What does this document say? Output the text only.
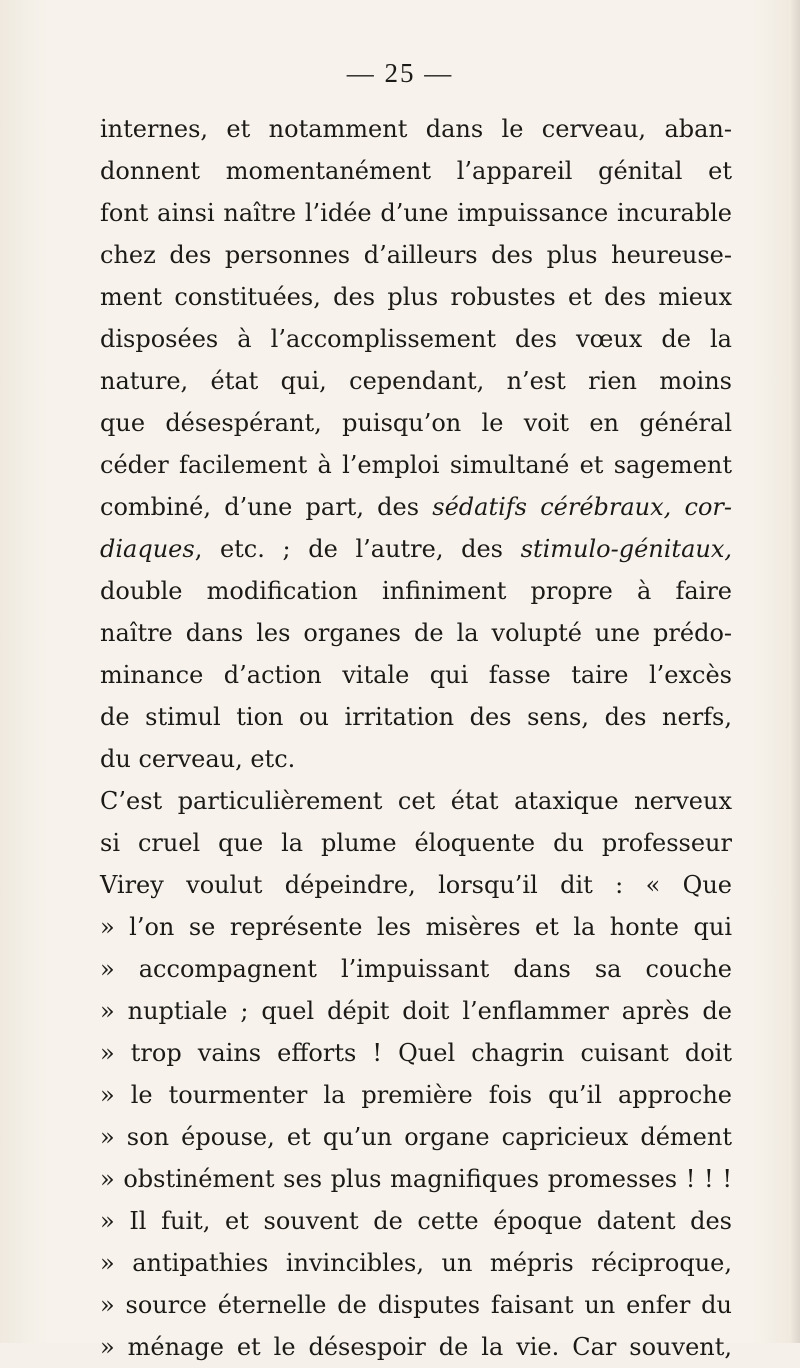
— 25 —
internes, et notamment dans le cerveau, aban-
donnent momentanément l’appareil génital et
font ainsi naître l’idée d’une impuissance incurable
chez des personnes d’ailleurs des plus heureuse-
ment constituées, des plus robustes et des mieux
disposées à l’accomplissement des vœux de la
nature, état qui, cependant, n’est rien moins
que désespérant, puisqu’on le voit en général
céder facilement à l’emploi simultané et sagement
combiné, d’une part, des sédatifs cérébraux, cor-
diaques, etc. ; de l’autre, des stimulo-génitaux,
double modification infiniment propre à faire
naître dans les organes de la volupté une prédo-
minance d’action vitale qui fasse taire l’excès
de stimul tion ou irritation des sens, des nerfs,
du cerveau, etc.
C’est particulièrement cet état ataxique nerveux
si cruel que la plume éloquente du professeur
Virey voulut dépeindre, lorsqu’il dit : « Que
» l’on se représente les misères et la honte qui
» accompagnent l’impuissant dans sa couche
» nuptiale ; quel dépit doit l’enflammer après de
» trop vains efforts ! Quel chagrin cuisant doit
» le tourmenter la première fois qu’il approche
» son épouse, et qu’un organe capricieux dément
» obstinément ses plus magnifiques promesses ! ! !
» Il fuit, et souvent de cette époque datent des
» antipathies invincibles, un mépris réciproque,
» source éternelle de disputes faisant un enfer du
» ménage et le désespoir de la vie. Car souvent,
